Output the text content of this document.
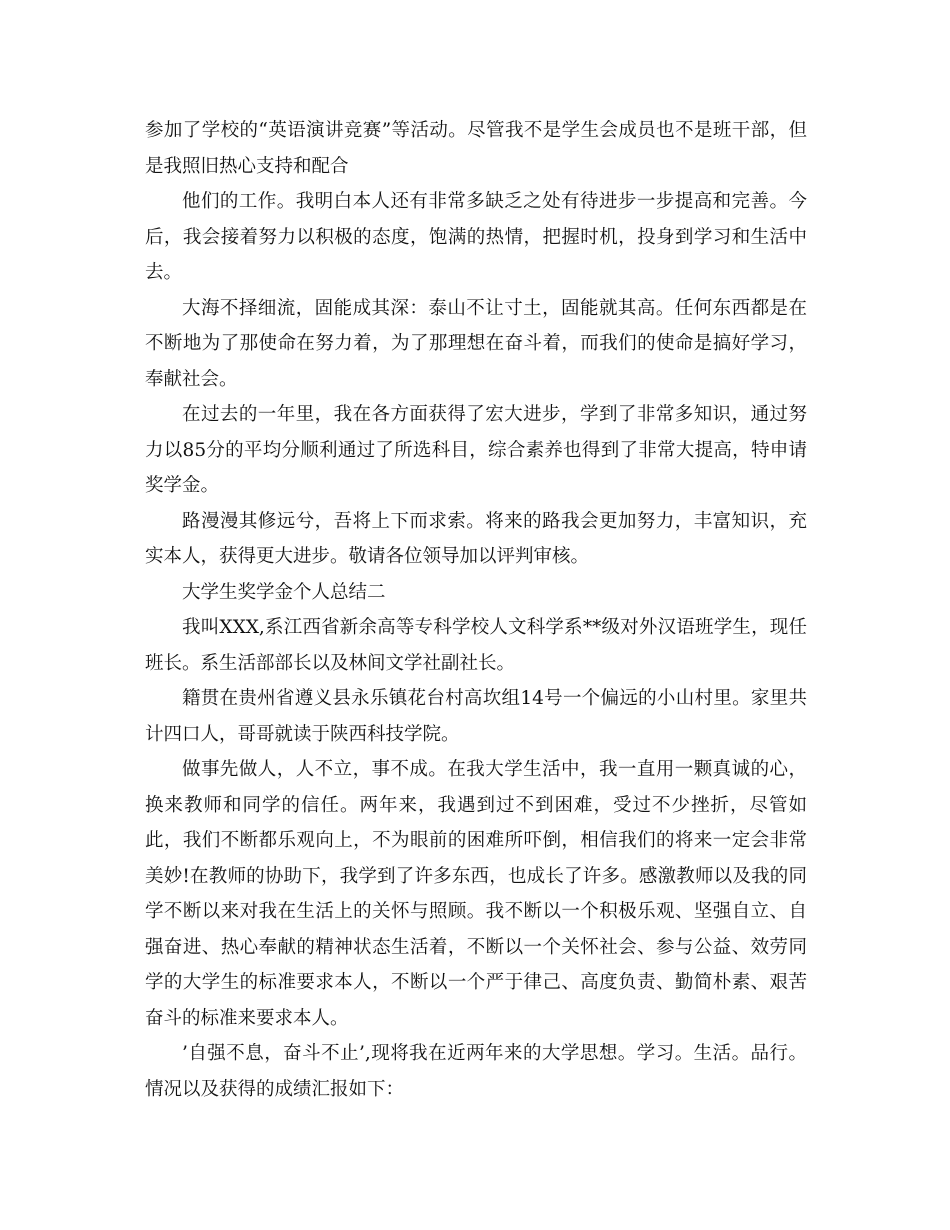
参加了学校的“英语演讲竞赛”等活动。尽管我不是学生会成员也不是班干部，但是我照旧热心支持和配合

他们的工作。我明白本人还有非常多缺乏之处有待进步一步提高和完善。今后，我会接着努力以积极的态度，饱满的热情，把握时机，投身到学习和生活中去。

大海不择细流，固能成其深：泰山不让寸土，固能就其高。任何东西都是在不断地为了那使命在努力着，为了那理想在奋斗着，而我们的使命是搞好学习，奉献社会。

在过去的一年里，我在各方面获得了宏大进步，学到了非常多知识，通过努力以85分的平均分顺利通过了所选科目，综合素养也得到了非常大提高，特申请奖学金。

路漫漫其修远兮，吾将上下而求索。将来的路我会更加努力，丰富知识，充实本人，获得更大进步。敬请各位领导加以评判审核。

大学生奖学金个人总结二

我叫XXX,系江西省新余高等专科学校人文科学系**级对外汉语班学生，现任班长。系生活部部长以及林间文学社副社长。

籍贯在贵州省遵义县永乐镇花台村高坎组14号一个偏远的小山村里。家里共计四口人，哥哥就读于陕西科技学院。

做事先做人，人不立，事不成。在我大学生活中，我一直用一颗真诚的心，换来教师和同学的信任。两年来，我遇到过不到困难，受过不少挫折，尽管如此，我们不断都乐观向上，不为眼前的困难所吓倒，相信我们的将来一定会非常美妙!在教师的协助下，我学到了许多东西，也成长了许多。感激教师以及我的同学不断以来对我在生活上的关怀与照顾。我不断以一个积极乐观、坚强自立、自强奋进、热心奉献的精神状态生活着，不断以一个关怀社会、参与公益、效劳同学的大学生的标准要求本人，不断以一个严于律己、高度负责、勤简朴素、艰苦奋斗的标准来要求本人。

’自强不息，奋斗不止’,现将我在近两年来的大学思想。学习。生活。品行。情况以及获得的成绩汇报如下：
